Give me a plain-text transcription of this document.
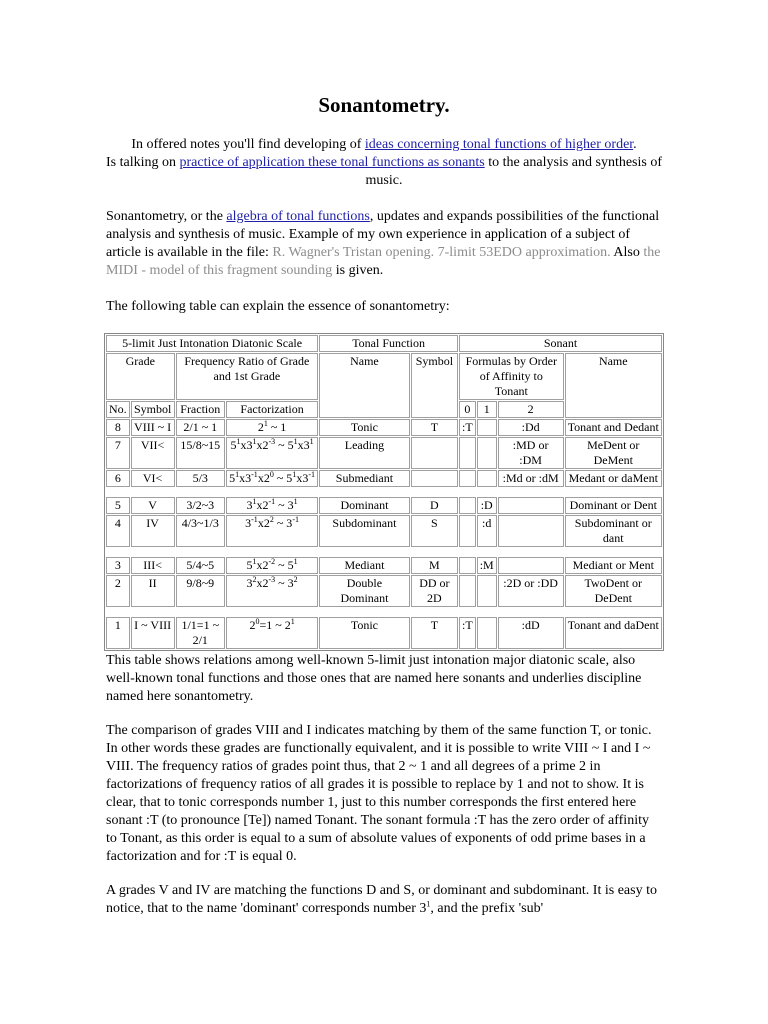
Sonantometry.

In offered notes you'll find developing of ideas concerning tonal functions of higher order.
Is talking on practice of application these tonal functions as sonants to the analysis and synthesis of music.

Sonantometry, or the algebra of tonal functions, updates and expands possibilities of the functional analysis and synthesis of music. Example of my own experience in application of a subject of article is available in the file: R. Wagner's Tristan opening. 7-limit 53EDO approximation. Also the MIDI - model of this fragment sounding is given.

The following table can explain the essence of sonantometry:

5-limit Just Intonation Diatonic Scale				Tonal Function		Sonant			
Grade		Frequency Ratio of Grade and 1st Grade		Name	Symbol	Formulas by Order of Affinity to Tonant			Name
No.	Symbol	Fraction	Factorization			0	1	2	
8	VIII ~ I	2/1 ~ 1	$2^1$ ~ 1	Tonic	T	:T		:Dd	Tonant and Dedant
7	VII<	15/8~15	$5^1x3^1x2^{-3}$ ~ $5^1x3^1$	Leading				:MD or :DM	MeDent or DeMent
6	VI<	5/3	$5^1x3^{-1}x2^0$ ~ $5^1x3^{-1}$	Submediant				:Md or :dM	Medant or daMent

5	V	3/2~3	$3^1x2^{-1}$ ~ $3^1$	Dominant	D		:D		Dominant or Dent
4	IV	4/3~1/3	$3^{-1}x2^2$ ~ $3^{-1}$	Subdominant	S		:d		Subdominant or dant

3	III<	5/4~5	$5^1x2^{-2}$ ~ $5^1$	Mediant	M		:M		Mediant or Ment
2	II	9/8~9	$3^2x2^{-3}$ ~ $3^2$	Double Dominant	DD or 2D			:2D or :DD	TwoDent or DeDent

1	I ~ VIII	1/1=1 ~ 2/1	$2^0=1$ ~ $2^1$	Tonic	T	:T		:dD	Tonant and daDent

This table shows relations among well-known 5-limit just intonation major diatonic scale, also well-known tonal functions and those ones that are named here sonants and underlies discipline named here sonantometry.

The comparison of grades VIII and I indicates matching by them of the same function T, or tonic. In other words these grades are functionally equivalent, and it is possible to write VIII ~ I and I ~ VIII. The frequency ratios of grades point thus, that 2 ~ 1 and all degrees of a prime 2 in factorizations of frequency ratios of all grades it is possible to replace by 1 and not to show. It is clear, that to tonic corresponds number 1, just to this number corresponds the first entered here sonant :T (to pronounce [Te]) named Tonant. The sonant formula :T has the zero order of affinity to Tonant, as this order is equal to a sum of absolute values of exponents of odd prime bases in a factorization and for :T is equal 0.

A grades V and IV are matching the functions D and S, or dominant and subdominant. It is easy to notice, that to the name 'dominant' corresponds number $3^1$, and the prefix 'sub'
